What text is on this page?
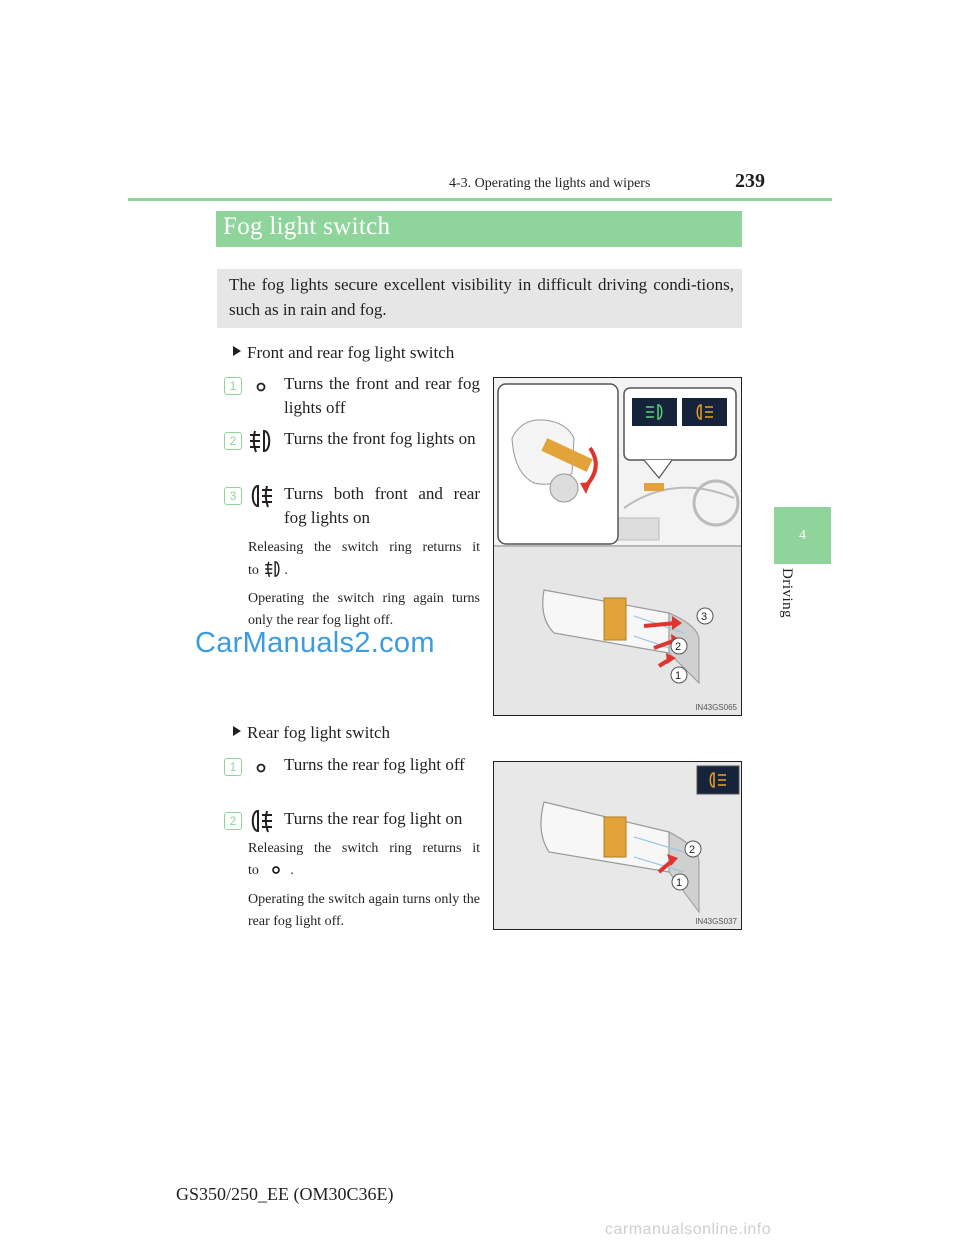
4-3. Operating the lights and wipers	239
4
Driving
Fog light switch

The fog lights secure excellent visibility in difficult driving condi-tions, such as in rain and fog.

Front and rear fog light switch
1	Turns the front and rear fog lights off
2	Turns the front fog lights on
3	Turns both front and rear fog lights on
Releasing the switch ring returns it
to .
Operating the switch ring again turns only the rear fog light off.	3
2
1
IN43GS065
CarManuals2.com
Rear fog light switch
1	Turns the rear fog light off
2	Turns the rear fog light on
Releasing the switch ring returns it
to .
Operating the switch again turns only the rear fog light off.
2
1
IN43GS037
GS350/250_EE (OM30C36E)
carmanualsonline.info
